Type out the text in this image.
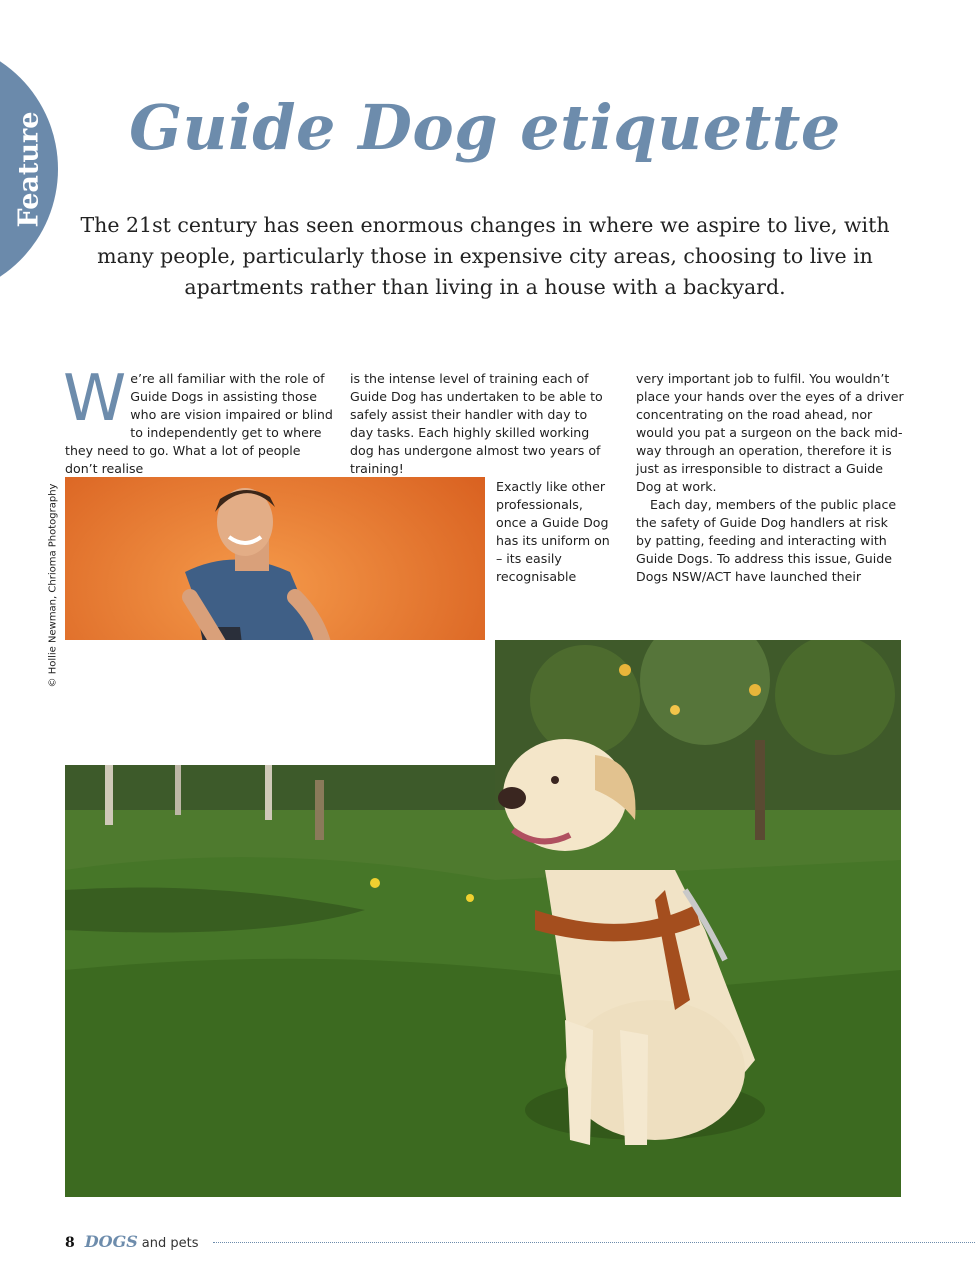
Feature	Guide Dog etiquette

The 21st century has seen enormous changes in where we aspire to live, with many people, particularly those in expensive city areas, choosing to live in apartments rather than living in a house with a backyard.

We’re all familiar with the role of Guide Dogs in assisting those who are vision impaired or blind to independently get to where they need to go. What a lot of people don’t realise

is the intense level of training each of Guide Dog has undertaken to be able to safely assist their handler with day to day tasks. Each highly skilled working dog has undergone almost two years of training!

Exactly like other professionals, once a Guide Dog has its uniform on – its easily recognisable

very important job to fulfil. You wouldn’t place your hands over the eyes of a driver concentrating on the road ahead, nor would you pat a surgeon on the back mid-way through an operation, therefore it is just as irresponsible to distract a Guide Dog at work.

Each day, members of the public place the safety of Guide Dog handlers at risk by patting, feeding and interacting with Guide Dogs. To address this issue, Guide Dogs NSW/ACT have launched their

© Hollie Newman, Chrioma Photography
8 DOGS and pets
